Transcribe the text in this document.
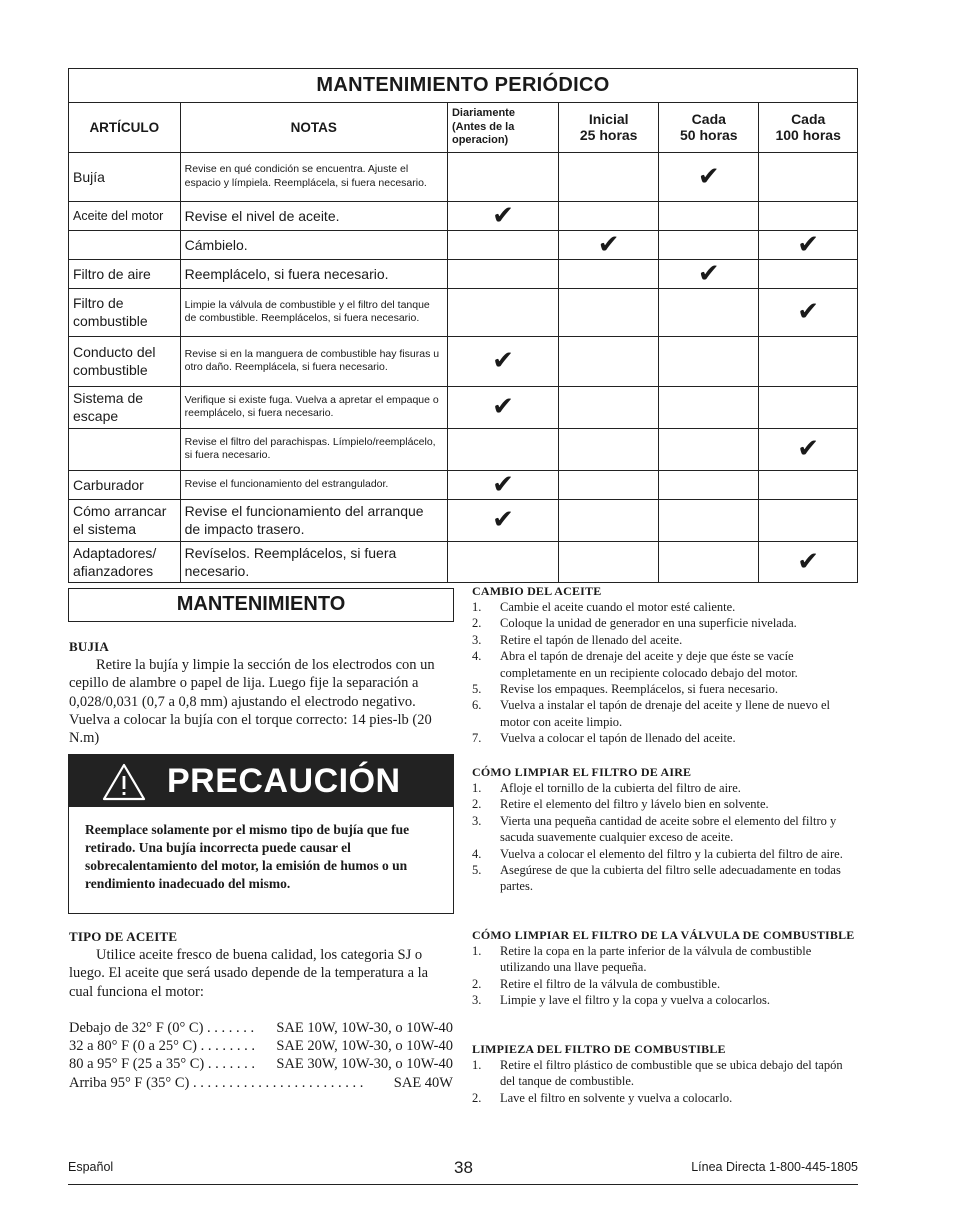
MANTENIMIENTO PERIÓDICO
ARTÍCULO	NOTAS	Diariamente
(Antes de la
operacion)	Inicial
25 horas	Cada
50 horas	Cada
100 horas
Bujía	Revise en qué condición se encuentra. Ajuste el espacio y límpiela. Reemplácela, si fuera necesario.			✔	
Aceite del motor	Revise el nivel de aceite.	✔			
	Cámbielo.		✔		✔
Filtro de aire	Reemplácelo, si fuera necesario.			✔	
Filtro de combustible	Limpie la válvula de combustible y el filtro del tanque de combustible. Reemplácelos, si fuera necesario.				✔
Conducto del combustible	Revise si en la manguera de combustible hay fisuras u otro daño. Reemplácela, si fuera necesario.	✔			
Sistema de escape	Verifique si existe fuga. Vuelva a apretar el empaque o reemplácelo, si fuera necesario.	✔			
	Revise el filtro del parachispas. Límpielo/reemplácelo, si fuera necesario.				✔
Carburador	Revise el funcionamiento del estrangulador.	✔			
Cómo arrancar el sistema	Revise el funcionamiento del arranque de impacto trasero.	✔			
Adaptadores/ afianzadores	Revíselos. Reemplácelos, si fuera necesario.				✔
MANTENIMIENTO
BUJIA

Retire la bujía y limpie la sección de los electrodos con un cepillo de alambre o papel de lija. Luego fije la separación a 0,028/0,031 (0,7 a 0,8 mm) ajustando el electrodo negativo. Vuelva a colocar la bujía con el torque correcto: 14 pies-lb (20 N.m)

PRECAUCIÓN
Reemplace solamente por el mismo tipo de bujía que fue retirado. Una bujía incorrecta puede causar el sobrecalentamiento del motor, la emisión de humos o un rendimiento inadecuado del mismo.
TIPO DE ACEITE

Utilice aceite fresco de buena calidad, los categoria SJ o luego. El aceite que será usado depende de la temperatura a la cual funciona el motor:

Debajo de 32° F (0° C) . . . . . . . SAE 10W, 10W-30, o 10W-40
32 a 80° F (0 a 25° C) . . . . . . . . SAE 20W, 10W-30, o 10W-40
80 a 95° F (25 a 35° C) . . . . . . . SAE 30W, 10W-30, o 10W-40
Arriba 95° F (35° C) . . . . . . . . . . . . . . . . . . . . . . . . SAE 40W
CAMBIO DEL ACEITE
1.	Cambie el aceite cuando el motor esté caliente.
2.	Coloque la unidad de generador en una superficie nivelada.
3.	Retire el tapón de llenado del aceite.
4.	Abra el tapón de drenaje del aceite y deje que éste se vacíe completamente en un recipiente colocado debajo del motor.
5.	Revise los empaques. Reemplácelos, si fuera necesario.
6.	Vuelva a instalar el tapón de drenaje del aceite y llene de nuevo el motor con aceite limpio.
7.	Vuelva a colocar el tapón de llenado del aceite.
CÓMO LIMPIAR EL FILTRO DE AIRE
1.	Afloje el tornillo de la cubierta del filtro de aire.
2.	Retire el elemento del filtro y lávelo bien en solvente.
3.	Vierta una pequeña cantidad de aceite sobre el elemento del filtro y sacuda suavemente cualquier exceso de aceite.
4.	Vuelva a colocar el elemento del filtro y la cubierta del filtro de aire.
5.	Asegúrese de que la cubierta del filtro selle adecuadamente en todas partes.
CÓMO LIMPIAR EL FILTRO DE LA VÁLVULA DE COMBUSTIBLE
1.	Retire la copa en la parte inferior de la válvula de combustible utilizando una llave pequeña.
2.	Retire el filtro de la válvula de combustible.
3.	Limpie y lave el filtro y la copa y vuelva a colocarlos.
LIMPIEZA DEL FILTRO DE COMBUSTIBLE
1.	Retire el filtro plástico de combustible que se ubica debajo del tapón del tanque de combustible.
2.	Lave el filtro en solvente y vuelva a colocarlo.
Español	38	Línea Directa 1-800-445-1805
